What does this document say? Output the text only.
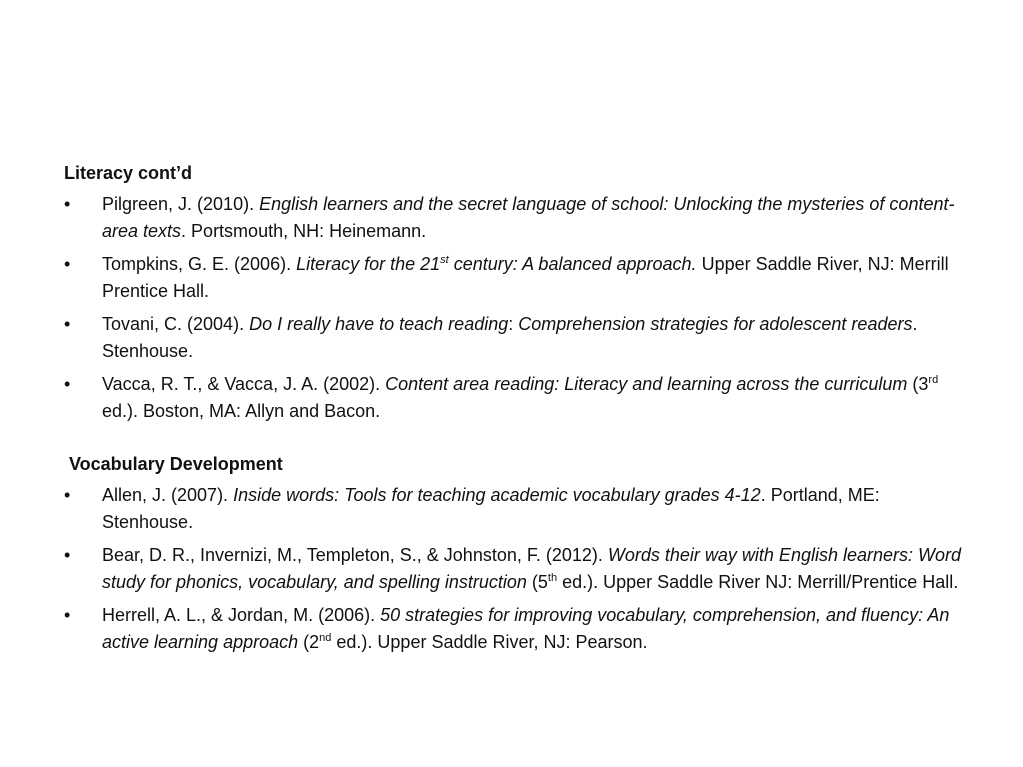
Literacy cont’d
•	Pilgreen, J. (2010). English learners and the secret language of school: Unlocking the mysteries of content-area texts. Portsmouth, NH: Heinemann.
•	Tompkins, G. E. (2006). Literacy for the 21st century: A balanced approach. Upper Saddle River, NJ: Merrill Prentice Hall.
•	Tovani, C. (2004). Do I really have to teach reading: Comprehension strategies for adolescent readers. Stenhouse.
•	Vacca, R. T., & Vacca, J. A. (2002). Content area reading: Literacy and learning across the curriculum (3rd ed.). Boston, MA: Allyn and Bacon.
Vocabulary Development
•	Allen, J. (2007). Inside words: Tools for teaching academic vocabulary grades 4-12. Portland, ME: Stenhouse.
•	Bear, D. R., Invernizi, M., Templeton, S., & Johnston, F. (2012). Words their way with English learners: Word study for phonics, vocabulary, and spelling instruction (5th ed.). Upper Saddle River NJ: Merrill/Prentice Hall.
•	Herrell, A. L., & Jordan, M. (2006). 50 strategies for improving vocabulary, comprehension, and fluency: An active learning approach (2nd ed.). Upper Saddle River, NJ: Pearson.
